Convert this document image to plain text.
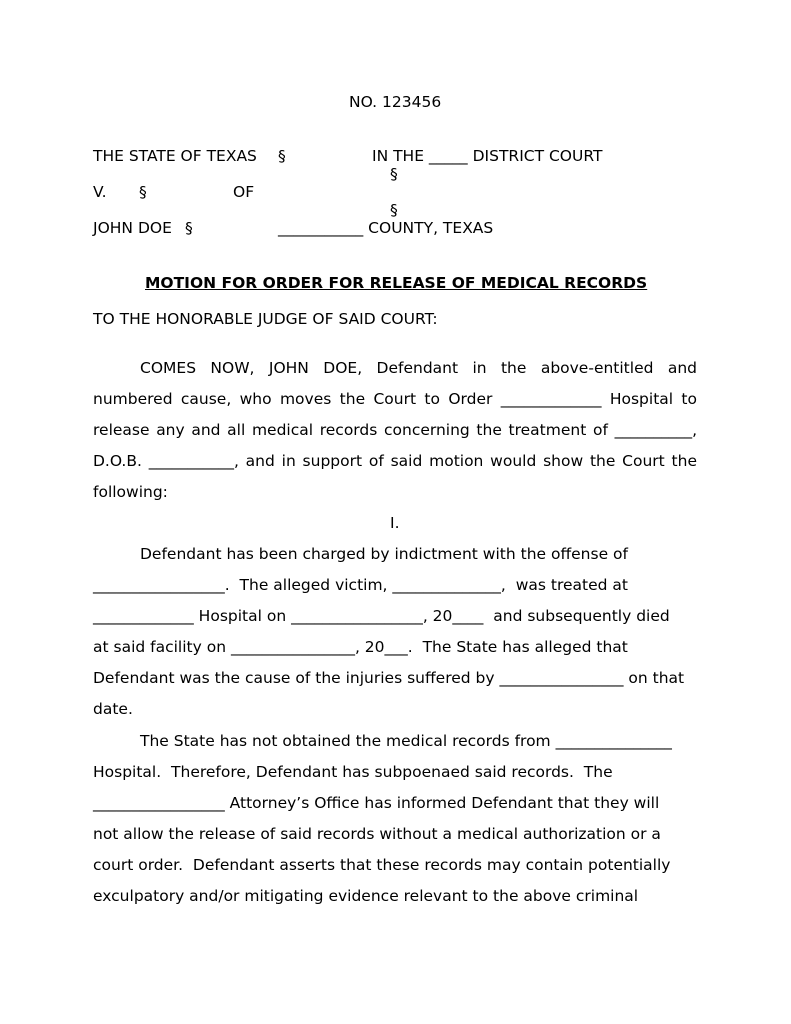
NO. 123456
THE STATE OF TEXAS §	IN THE _____ DISTRICT COURT
§
V. §	OF
§
JOHN DOE §	___________ COUNTY, TEXAS
MOTION FOR ORDER FOR RELEASE OF MEDICAL RECORDS
TO THE HONORABLE JUDGE OF SAID COURT:
COMES NOW, JOHN DOE, Defendant in the above-entitled and
numbered cause, who moves the Court to Order _____________ Hospital to
release any and all medical records concerning the treatment of __________,
D.O.B. ___________, and in support of said motion would show the Court the
following:
I.
Defendant has been charged by indictment with the offense of
_________________.  The alleged victim, ______________,  was treated at
_____________ Hospital on _________________, 20____  and subsequently died
at said facility on ________________, 20___.  The State has alleged that
Defendant was the cause of the injuries suffered by ________________ on that
date.
The State has not obtained the medical records from _______________
Hospital.  Therefore, Defendant has subpoenaed said records.  The
_________________ Attorney’s Office has informed Defendant that they will
not allow the release of said records without a medical authorization or a
court order.  Defendant asserts that these records may contain potentially
exculpatory and/or mitigating evidence relevant to the above criminal
